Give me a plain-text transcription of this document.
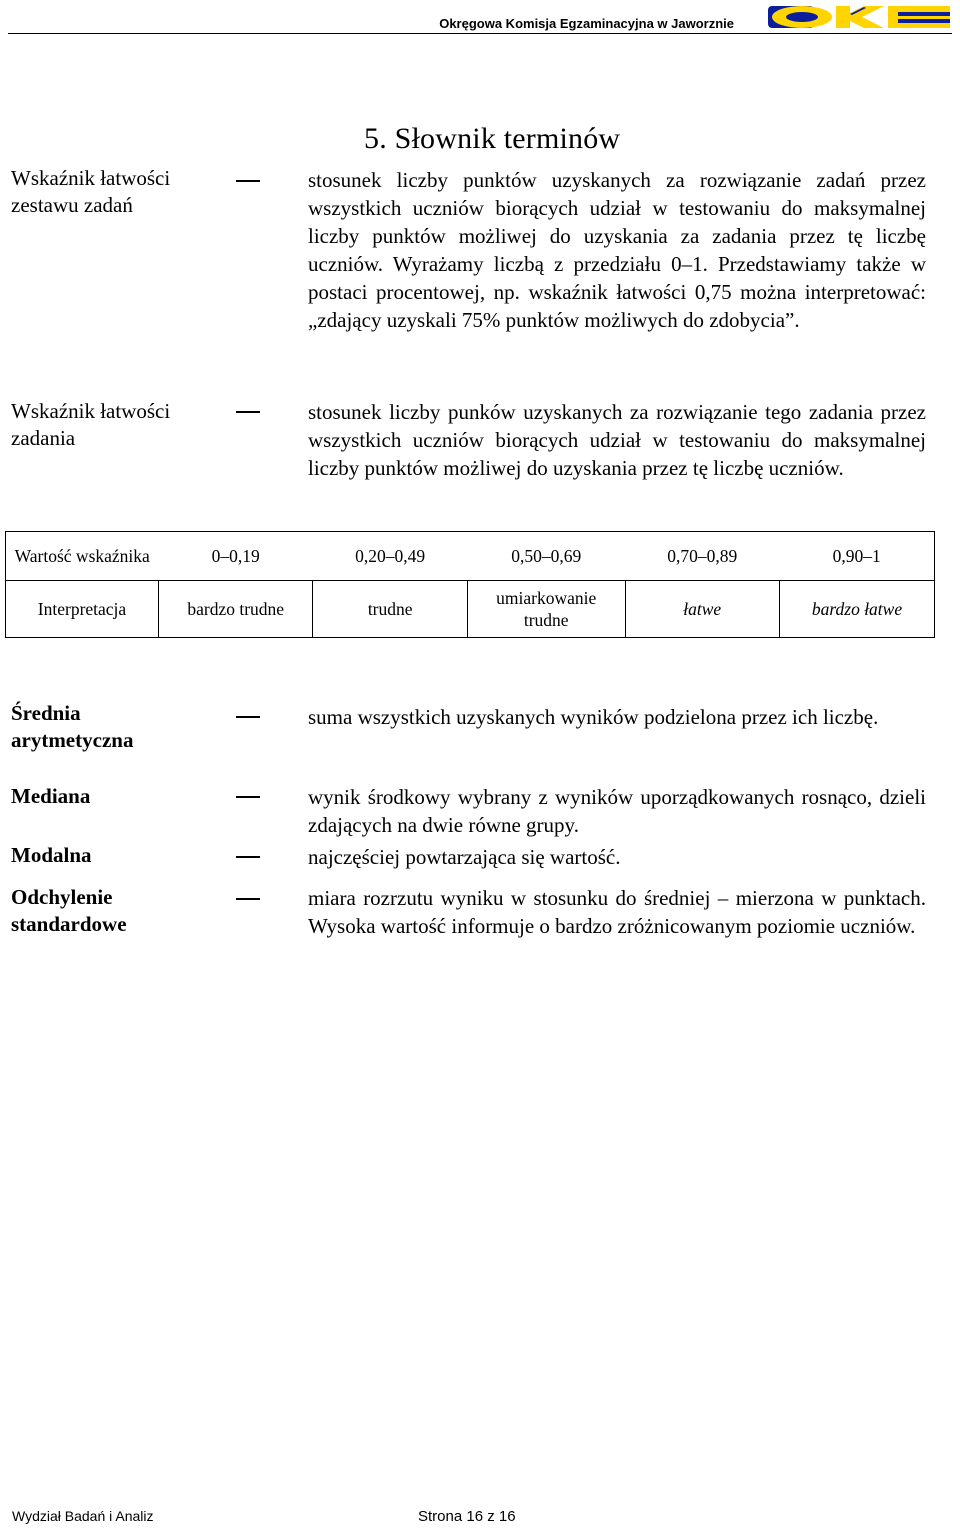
Okręgowa Komisja Egzaminacyjna w Jaworznie
5. Słownik terminów
Wskaźnik łatwości zestawu zadań
stosunek liczby punktów uzyskanych za rozwiązanie zadań przez wszystkich uczniów biorących udział w testowaniu do maksymalnej liczby punktów możliwej do uzyskania za zadania przez tę liczbę uczniów. Wyrażamy liczbą z przedziału 0–1. Przedstawiamy także w postaci procentowej, np. wskaźnik łatwości 0,75 można interpretować: „zdający uzyskali 75% punktów możliwych do zdobycia”.
Wskaźnik łatwości zadania
stosunek liczby punków uzyskanych za rozwiązanie tego zadania przez wszystkich uczniów biorących udział w testowaniu do maksymalnej liczby punktów możliwej do uzyskania przez tę liczbę uczniów.
Wartość wskaźnika	0–0,19	0,20–0,49	0,50–0,69	0,70–0,89	0,90–1
Interpretacja	bardzo trudne	trudne	umiarkowanie trudne	łatwe	bardzo łatwe
Średnia arytmetyczna
suma wszystkich uzyskanych wyników podzielona przez ich liczbę.
Mediana	wynik środkowy wybrany z wyników uporządkowanych rosnąco, dzieli zdających na dwie równe grupy.
Modalna	najczęściej powtarzająca się wartość.
Odchylenie standardowe
miara rozrzutu wyniku w stosunku do średniej – mierzona w punktach. Wysoka wartość informuje o bardzo zróżnicowanym poziomie uczniów.
Wydział Badań i Analiz	Strona 16 z 16
